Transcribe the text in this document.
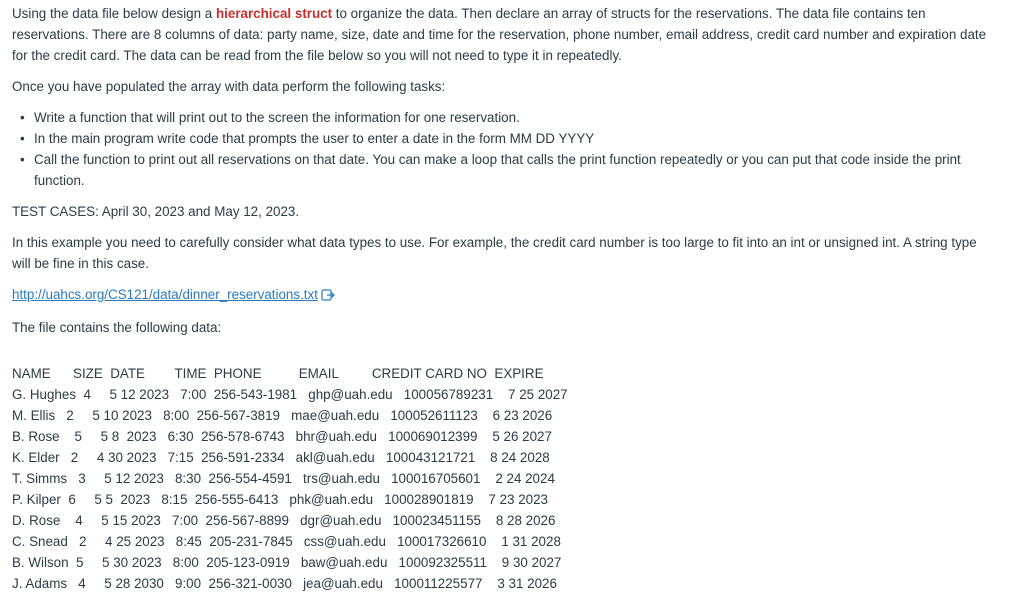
Using the data file below design a hierarchical struct to organize the data. Then declare an array of structs for the reservations. The data file contains ten reservations. There are 8 columns of data: party name, size, date and time for the reservation, phone number, email address, credit card number and expiration date for the credit card. The data can be read from the file below so you will not need to type it in repeatedly.

Once you have populated the array with data perform the following tasks:

• Write a function that will print out to the screen the information for one reservation.
• In the main program write code that prompts the user to enter a date in the form MM DD YYYY
• Call the function to print out all reservations on that date. You can make a loop that calls the print function repeatedly or you can put that code inside the print function.

TEST CASES: April 30, 2023 and May 12, 2023.

In this example you need to carefully consider what data types to use. For example, the credit card number is too large to fit into an int or unsigned int. A string type will be fine in this case.

http://uahcs.org/CS121/data/dinner_reservations.txt

The file contains the following data:

NAME      SIZE  DATE        TIME  PHONE          EMAIL         CREDIT CARD NO  EXPIRE
G. Hughes  4     5 12 2023   7:00  256-543-1981   ghp@uah.edu   100056789231    7 25 2027
M. Ellis   2     5 10 2023   8:00  256-567-3819   mae@uah.edu   100052611123    6 23 2026
B. Rose    5     5 8  2023   6:30  256-578-6743   bhr@uah.edu   100069012399    5 26 2027
K. Elder   2     4 30 2023   7:15  256-591-2334   akl@uah.edu   100043121721    8 24 2028
T. Simms   3     5 12 2023   8:30  256-554-4591   trs@uah.edu   100016705601    2 24 2024
P. Kilper  6     5 5  2023   8:15  256-555-6413   phk@uah.edu   100028901819    7 23 2023
D. Rose    4     5 15 2023   7:00  256-567-8899   dgr@uah.edu   100023451155    8 28 2026
C. Snead   2     4 25 2023   8:45  205-231-7845   css@uah.edu   100017326610    1 31 2028
B. Wilson  5     5 30 2023   8:00  205-123-0919   baw@uah.edu   100092325511    9 30 2027
J. Adams   4     5 28 2030   9:00  256-321-0030   jea@uah.edu   100011225577    3 31 2026
